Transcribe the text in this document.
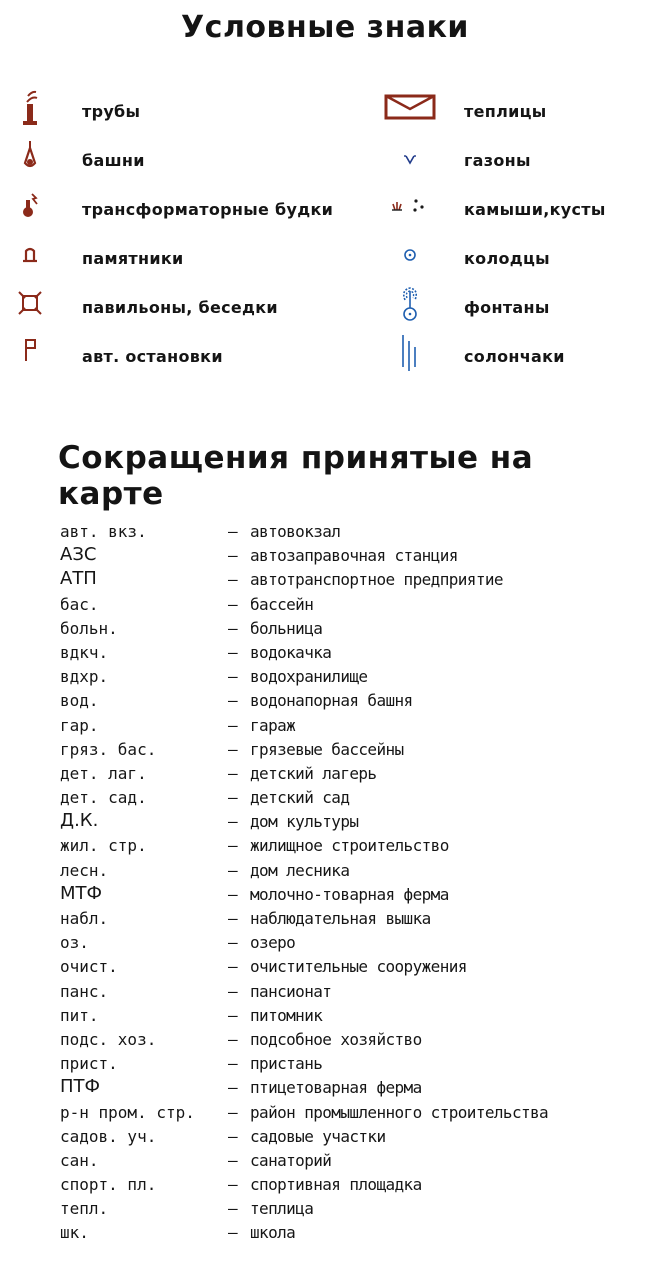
Условные знаки
трубы
башни
трансформаторные будки
памятники
павильоны, беседки
авт. остановки
теплицы
газоны
камыши,кусты
колодцы
фонтаны
солончаки
Сокращения принятые на карте
авт. вкз.	— автовокзал
АЗС	— автозаправочная станция
АТП	— автотранспортное предприятие
бас.	— бассейн
больн.	— больница
вдкч.	— водокачка
вдхр.	— водохранилище
вод.	— водонапорная башня
гар.	— гараж
гряз. бас.	— грязевые бассейны
дет. лаг.	— детский лагерь
дет. сад.	— детский сад
Д.К.	— дом культуры
жил. стр.	— жилищное строительство
лесн.	— дом лесника
МТФ	— молочно-товарная ферма
набл.	— наблюдательная вышка
оз.	— озеро
очист.	— очистительные сооружения
панс.	— пансионат
пит.	— питомник
подс. хоз.	— подсобное хозяйство
прист.	— пристань
ПТФ	— птицетоварная ферма
р-н пром. стр. — район промышленного строительства
садов. уч.	— садовые участки
сан.	— санаторий
спорт. пл.	— спортивная площадка
тепл.	— теплица
шк.	— школа
